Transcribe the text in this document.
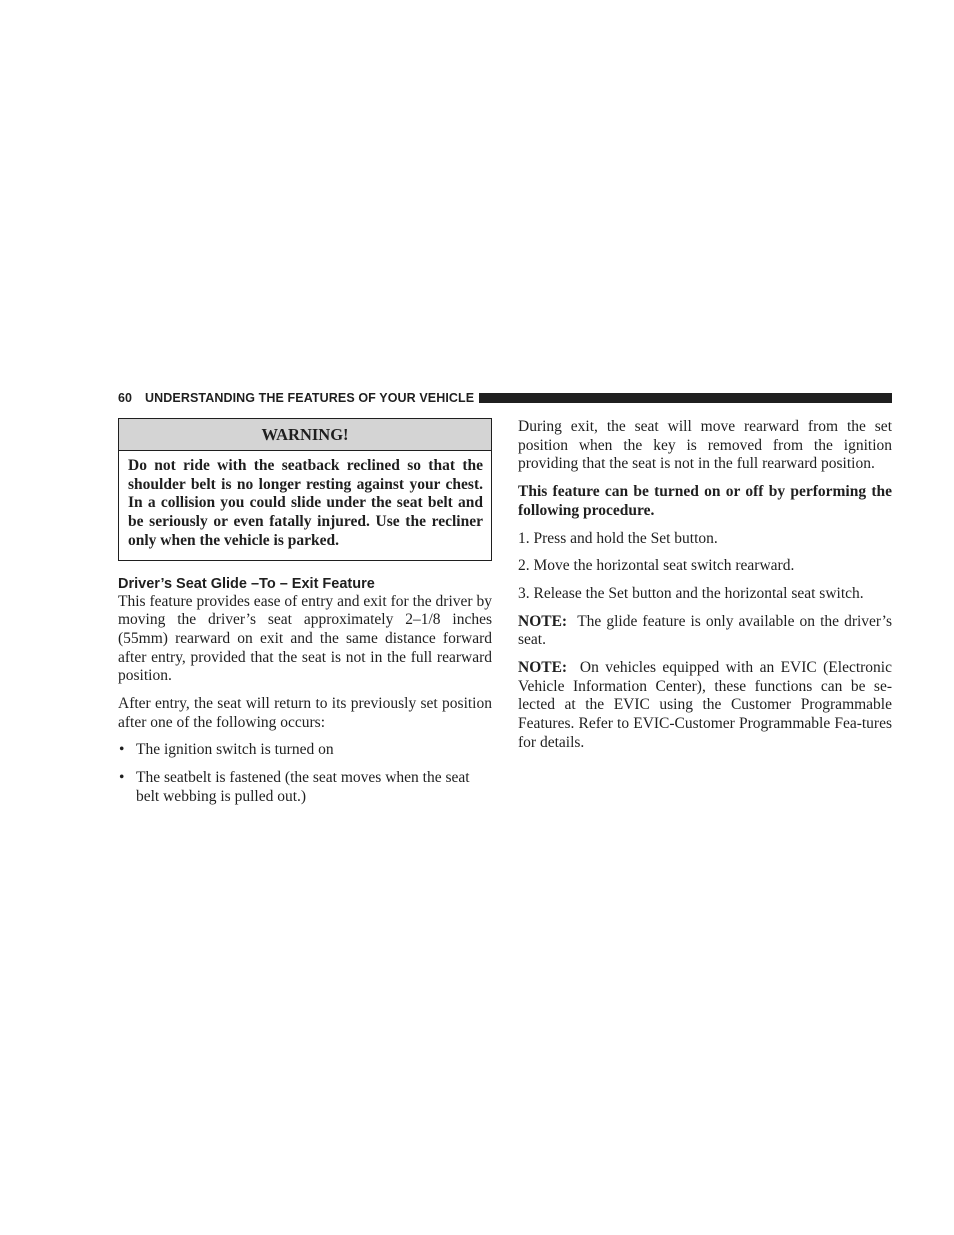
60 UNDERSTANDING THE FEATURES OF YOUR VEHICLE
WARNING!
Do not ride with the seatback reclined so that the shoulder belt is no longer resting against your chest. In a collision you could slide under the seat belt and be seriously or even fatally injured. Use the recliner only when the vehicle is parked.
Driver’s Seat Glide –To – Exit Feature

This feature provides ease of entry and exit for the driver by moving the driver’s seat approximately 2–1/8 inches (55mm) rearward on exit and the same distance forward after entry, provided that the seat is not in the full rearward position.

After entry, the seat will return to its previously set position after one of the following occurs:

• The ignition switch is turned on
• The seatbelt is fastened (the seat moves when the seat belt webbing is pulled out.)

During exit, the seat will move rearward from the set position when the key is removed from the ignition providing that the seat is not in the full rearward position.

This feature can be turned on or off by performing the following procedure.

1. Press and hold the Set button.
2. Move the horizontal seat switch rearward.
3. Release the Set button and the horizontal seat switch.

NOTE: The glide feature is only available on the driver’s seat.

NOTE: On vehicles equipped with an EVIC (Electronic Vehicle Information Center), these functions can be se-lected at the EVIC using the Customer Programmable Features. Refer to EVIC-Customer Programmable Fea-tures for details.
